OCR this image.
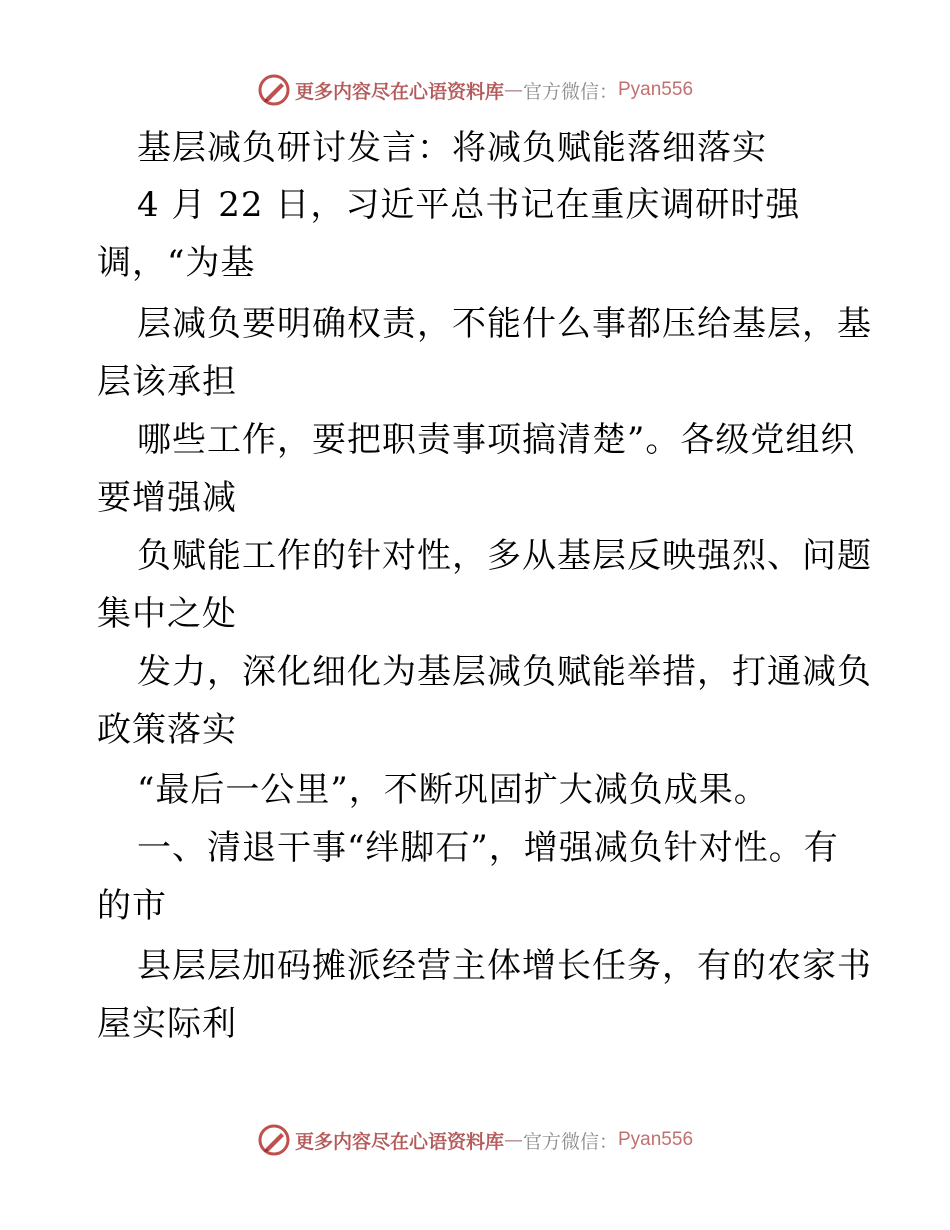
更多内容尽在心语资料库 — 官方微信： Pyan556
基层减负研讨发言：将减负赋能落细落实
4 月 22 日，习近平总书记在重庆调研时强
调，“为基
层减负要明确权责，不能什么事都压给基层，基
层该承担
哪些工作，要把职责事项搞清楚”。各级党组织
要增强减
负赋能工作的针对性，多从基层反映强烈、问题
集中之处
发力，深化细化为基层减负赋能举措，打通减负
政策落实
“最后一公里”，不断巩固扩大减负成果。
一、清退干事“绊脚石”，增强减负针对性。有
的市
县层层加码摊派经营主体增长任务，有的农家书
屋实际利
更多内容尽在心语资料库 — 官方微信： Pyan556
